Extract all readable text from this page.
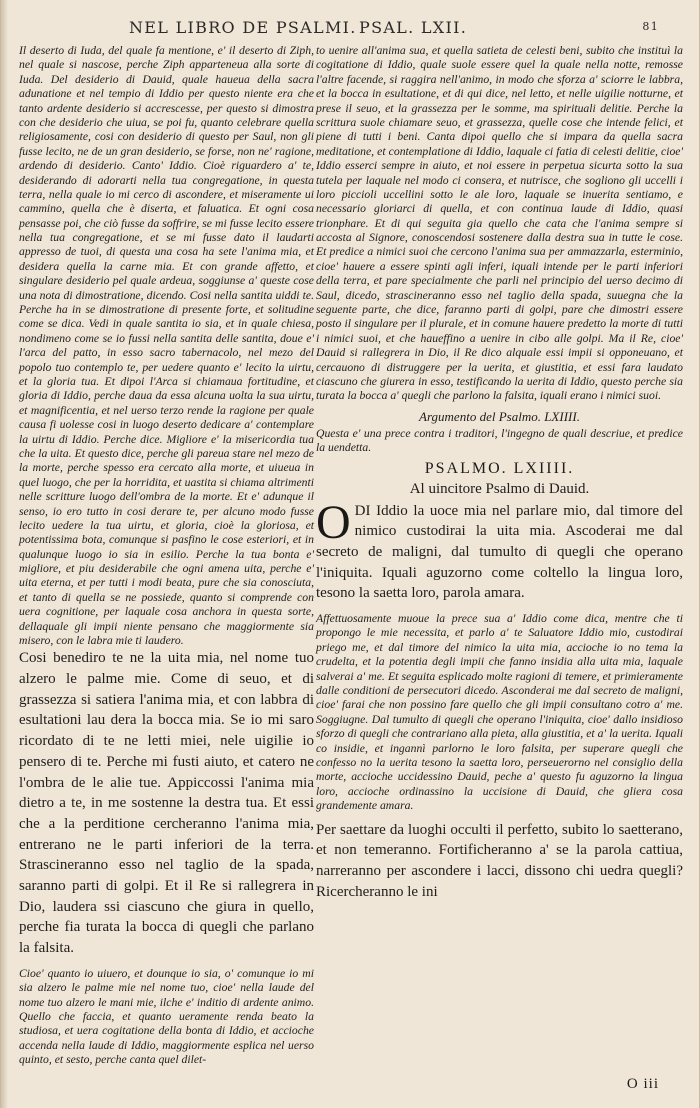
NEL LIBRO DE PSALMI. PSAL. LXII.	81

Il deserto di Iuda, del quale fa mentione, e' il deserto di Ziph, nel quale si nascose, perche Ziph apparteneua alla sorte di Iuda. Del desiderio di Dauid, quale haueua della sacra adunatione et nel tempio di Iddio per questo niente era che tanto ardente desiderio si accrescesse, per questo si dimostra con che desiderio che uiua, se poi fu, quanto celebrare quella religiosamente, cosi con desiderio di questo per Saul, non gli fusse lecito, ne de un gran desiderio, se forse, non ne' ragione, ardendo di desiderio. Canto' Iddio. Cioè riguardero a' te, desiderando di adorarti nella tua congregatione, in questa terra, nella quale io mi cerco di ascondere, et miseramente ui cammino, quella che è diserta, et faluatica. Et ogni cosa pensasse poi, che ciò fusse da soffrire, se mi fusse lecito essere nella tua congregatione, et se mi fusse dato il laudarti appresso de tuoi, di questa una cosa ha sete l'anima mia, et desidera quella la carne mia. Et con grande affetto, et singulare desiderio pel quale ardeua, soggiunse a' queste cose una nota di dimostratione, dicendo. Cosi nella santita uiddi te. Perche ha in se dimostratione di presente forte, et solitudine come se dica. Vedi in quale santita io sia, et in quale chiesa, nondimeno come se io fussi nella santita delle santita, doue e' l'arca del patto, in esso sacro tabernacolo, nel mezo del popolo tuo contemplo te, per uedere quanto e' lecito la uirtu, et la gloria tua. Et dipoi l'Arca si chiamaua fortitudine, et gloria di Iddio, perche daua da essa alcuna uolta la sua uirtu, et magnificentia, et nel uerso terzo rende la ragione per quale causa fi uolesse cosi in luogo deserto dedicare a' contemplare la uirtu di Iddio. Perche dice. Migliore e' la misericordia tua che la uita. Et questo dice, perche gli pareua stare nel mezo de la morte, perche spesso era cercato alla morte, et uiueua in quel luogo, che per la horridita, et uastita si chiama altrimenti nelle scritture luogo dell'ombra de la morte. Et e' adunque il senso, io ero tutto in cosi derare te, per alcuno modo fusse lecito uedere la tua uirtu, et gloria, cioè la gloriosa, et potentissima bota, comunque si pasfino le cose esteriori, et in qualunque luogo io sia in esilio. Perche la tua bonta e' migliore, et piu desiderabile che ogni amena uita, perche e' uita eterna, et per tutti i modi beata, pure che sia conosciuta, et tanto di quella se ne possiede, quanto si comprende con uera cognitione, per laquale cosa anchora in questa sorte, dellaquale gli impii niente pensano che maggiormente sia misero, con le labra mie ti laudero.

Cosi benediro te ne la uita mia, nel nome tuo alzero le palme mie. Come di seuo, et di grassezza si satiera l'anima mia, et con labbra di esultationi lau dera la bocca mia. Se io mi saro ricordato di te ne letti miei, nele uigilie io pensero di te. Perche mi fusti aiuto, et catero ne l'ombra de le alie tue. Appiccossi l'anima mia dietro a te, in me sostenne la destra tua. Et essi che a la perditione cercheranno l'anima mia, entrerano ne le parti inferiori de la terra. Strascineranno esso nel taglio de la spada, saranno parti di golpi. Et il Re si rallegrera in Dio, laudera ssi ciascuno che giura in quello, perche fia turata la bocca di quegli che parlano la falsita.

Cioe' quanto io uiuero, et dounque io sia, o' comunque io mi sia alzero le palme mie nel nome tuo, cioe' nella laude del nome tuo alzero le mani mie, ilche e' inditio di ardente animo. Quello che faccia, et quanto ueramente renda beato la studiosa, et uera cogitatione della bonta di Iddio, et accioche accenda nella laude di Iddio, maggiormente esplica nel uerso quinto, et sesto, perche canta quel dilet-

to uenire all'anima sua, et quella satieta de celesti beni, subito che instituì la cogitatione di Iddio, quale suole essere quel la quale nella notte, remosse l'altre facende, si raggira nell'animo, in modo che sforza a' sciorre le labbra, et la bocca in esultatione, et di qui dice, nel letto, et nelle uigilie notturne, et prese il seuo, et la grassezza per le somme, ma spirituali delitie. Perche la scrittura suole chiamare seuo, et grassezza, quelle cose che intende felici, et piene di tutti i beni. Canta dipoi quello che si impara da quella sacra meditatione, et contemplatione di Iddio, laquale ci fatia di celesti delitie, cioe' Iddio esserci sempre in aiuto, et noi essere in perpetua sicurta sotto la sua tutela per laquale nel modo ci consera, et nutrisce, che sogliono gli uccelli i loro piccioli uccellini sotto le ale loro, laquale se inuerita sentiamo, e necessario gloriarci di quella, et con continua laude di Iddio, quasi trionphare. Et di qui seguita gia quello che cata che l'anima sempre si accosta al Signore, conoscendosi sostenere dalla destra sua in tutte le cose. Et predice a nimici suoi che cercono l'anima sua per ammazzarla, esterminio, cioe' hauere a essere spinti agli inferi, iquali intende per le parti inferiori della terra, et pare specialmente che parli nel principio del uerso decimo di Saul, dicedo, strascineranno esso nel taglio della spada, suuegna che la seguente parte, che dice, faranno parti di golpi, pare che dimostri essere posto il singulare per il plurale, et in comune hauere predetto la morte di tutti i nimici suoi, et che haueffino a uenire in cibo alle golpi. Ma il Re, cioe' Dauid si rallegrera in Dio, il Re dico alquale essi impii si opponeuano, et cercauono di distruggere per la uerita, et giustitia, et essi fara laudato ciascuno che giurera in esso, testificando la uerita di Iddio, questo perche sia turata la bocca a' quegli che parlono la falsita, iquali erano i nimici suoi.

Argumento del Psalmo. LXIIII.

Questa e' una prece contra i traditori, l'ingegno de quali descriue, et predice la uendetta.

PSALMO. LXIIII.
Al uincitore Psalmo di Dauid.
O DI Iddio la uoce mia nel parlare mio, dal timore del nimico custodirai la uita mia. Ascoderai me dal secreto de maligni, dal tumulto di quegli che operano l'iniquita. Iquali aguzorno come coltello la lingua loro, tesono la saetta loro, parola amara.

Affettuosamente muoue la prece sua a' Iddio come dica, mentre che ti propongo le mie necessita, et parlo a' te Saluatore Iddio mio, custodirai priego me, et dal timore del nimico la uita mia, accioche io no tema la crudelta, et la potentia degli impii che fanno insidia alla uita mia, laquale salverai a' me. Et seguita esplicado molte ragioni di temere, et primieramente dalle conditioni de persecutori dicedo. Asconderai me dal secreto de maligni, cioe' farai che non possino fare quello che gli impii consultano cotro a' me. Soggiugne. Dal tumulto di quegli che operano l'iniquita, cioe' dallo insidioso sforzo di quegli che contrariano alla pieta, alla giustitia, et a' la uerita. Iquali co insidie, et ingannì parlorno le loro falsita, per superare quegli che confesso no la uerita tesono la saetta loro, perseuerorno nel consiglio della morte, accioche uccidessino Dauid, peche a' questo fu aguzorno la lingua loro, accioche ordinassino la uccisione di Dauid, che gliera cosa grandemente amara.

Per saettare da luoghi occulti il perfetto, subito lo saetterano, et non temeranno. Fortificheranno a' se la parola cattiua, narreranno per ascondere i lacci, dissono chi uedra quegli? Ricercheranno le ini

O iii
